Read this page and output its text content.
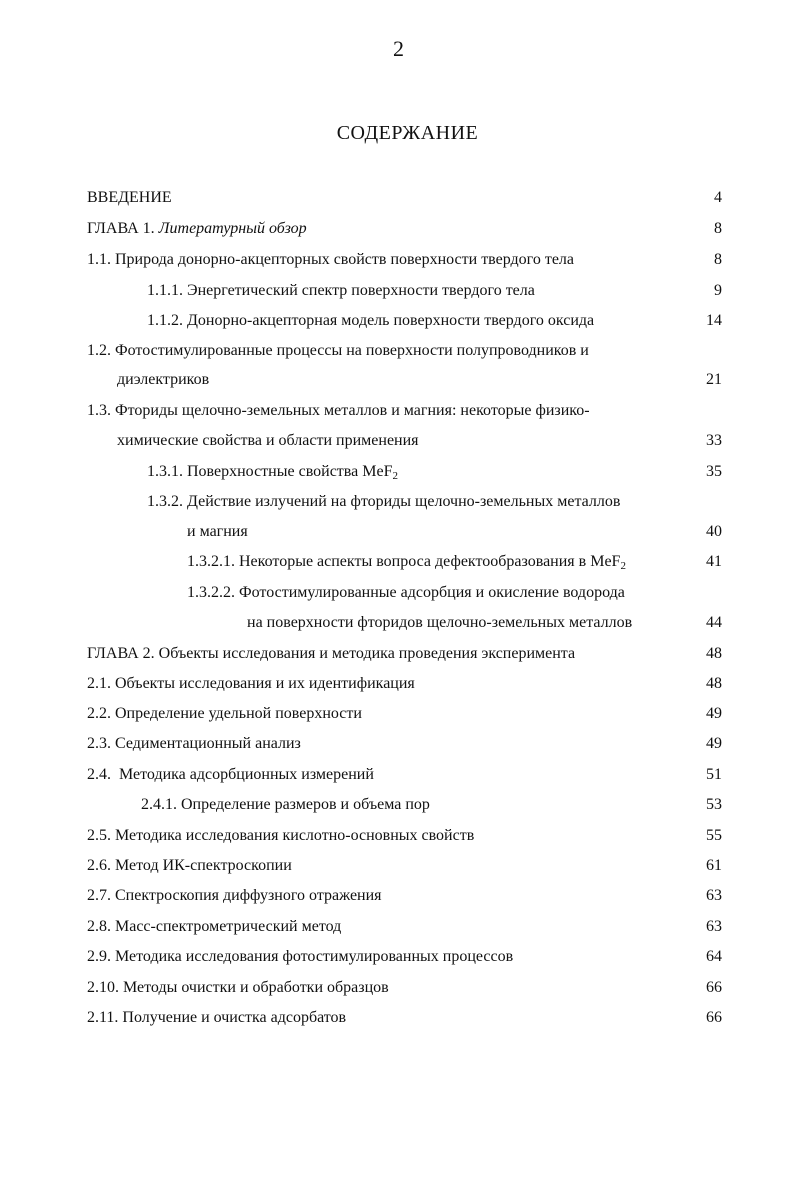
2
СОДЕРЖАНИЕ
ВВЕДЕНИЕ	4
ГЛАВА 1. Литературный обзор	8
1.1. Природа донорно-акцепторных свойств поверхности твердого тела	8
1.1.1. Энергетический спектр поверхности твердого тела	9
1.1.2. Донорно-акцепторная модель поверхности твердого оксида	14
1.2. Фотостимулированные процессы на поверхности полупроводников и
диэлектриков	21
1.3. Фториды щелочно-земельных металлов и магния: некоторые физико-
химические свойства и области применения	33
1.3.1. Поверхностные свойства MeF$_2$	35
1.3.2. Действие излучений на фториды щелочно-земельных металлов
и магния	40
1.3.2.1. Некоторые аспекты вопроса дефектообразования в MeF$_2$	41
1.3.2.2. Фотостимулированные адсорбция и окисление водорода
на поверхности фторидов щелочно-земельных металлов	44
ГЛАВА 2. Объекты исследования и методика проведения эксперимента	48
2.1. Объекты исследования и их идентификация	48
2.2. Определение удельной поверхности	49
2.3. Седиментационный анализ	49
2.4.  Методика адсорбционных измерений	51
2.4.1. Определение размеров и объема пор	53
2.5. Методика исследования кислотно-основных свойств	55
2.6. Метод ИК-спектроскопии	61
2.7. Спектроскопия диффузного отражения	63
2.8. Масс-спектрометрический метод	63
2.9. Методика исследования фотостимулированных процессов	64
2.10. Методы очистки и обработки образцов	66
2.11. Получение и очистка адсорбатов	66
